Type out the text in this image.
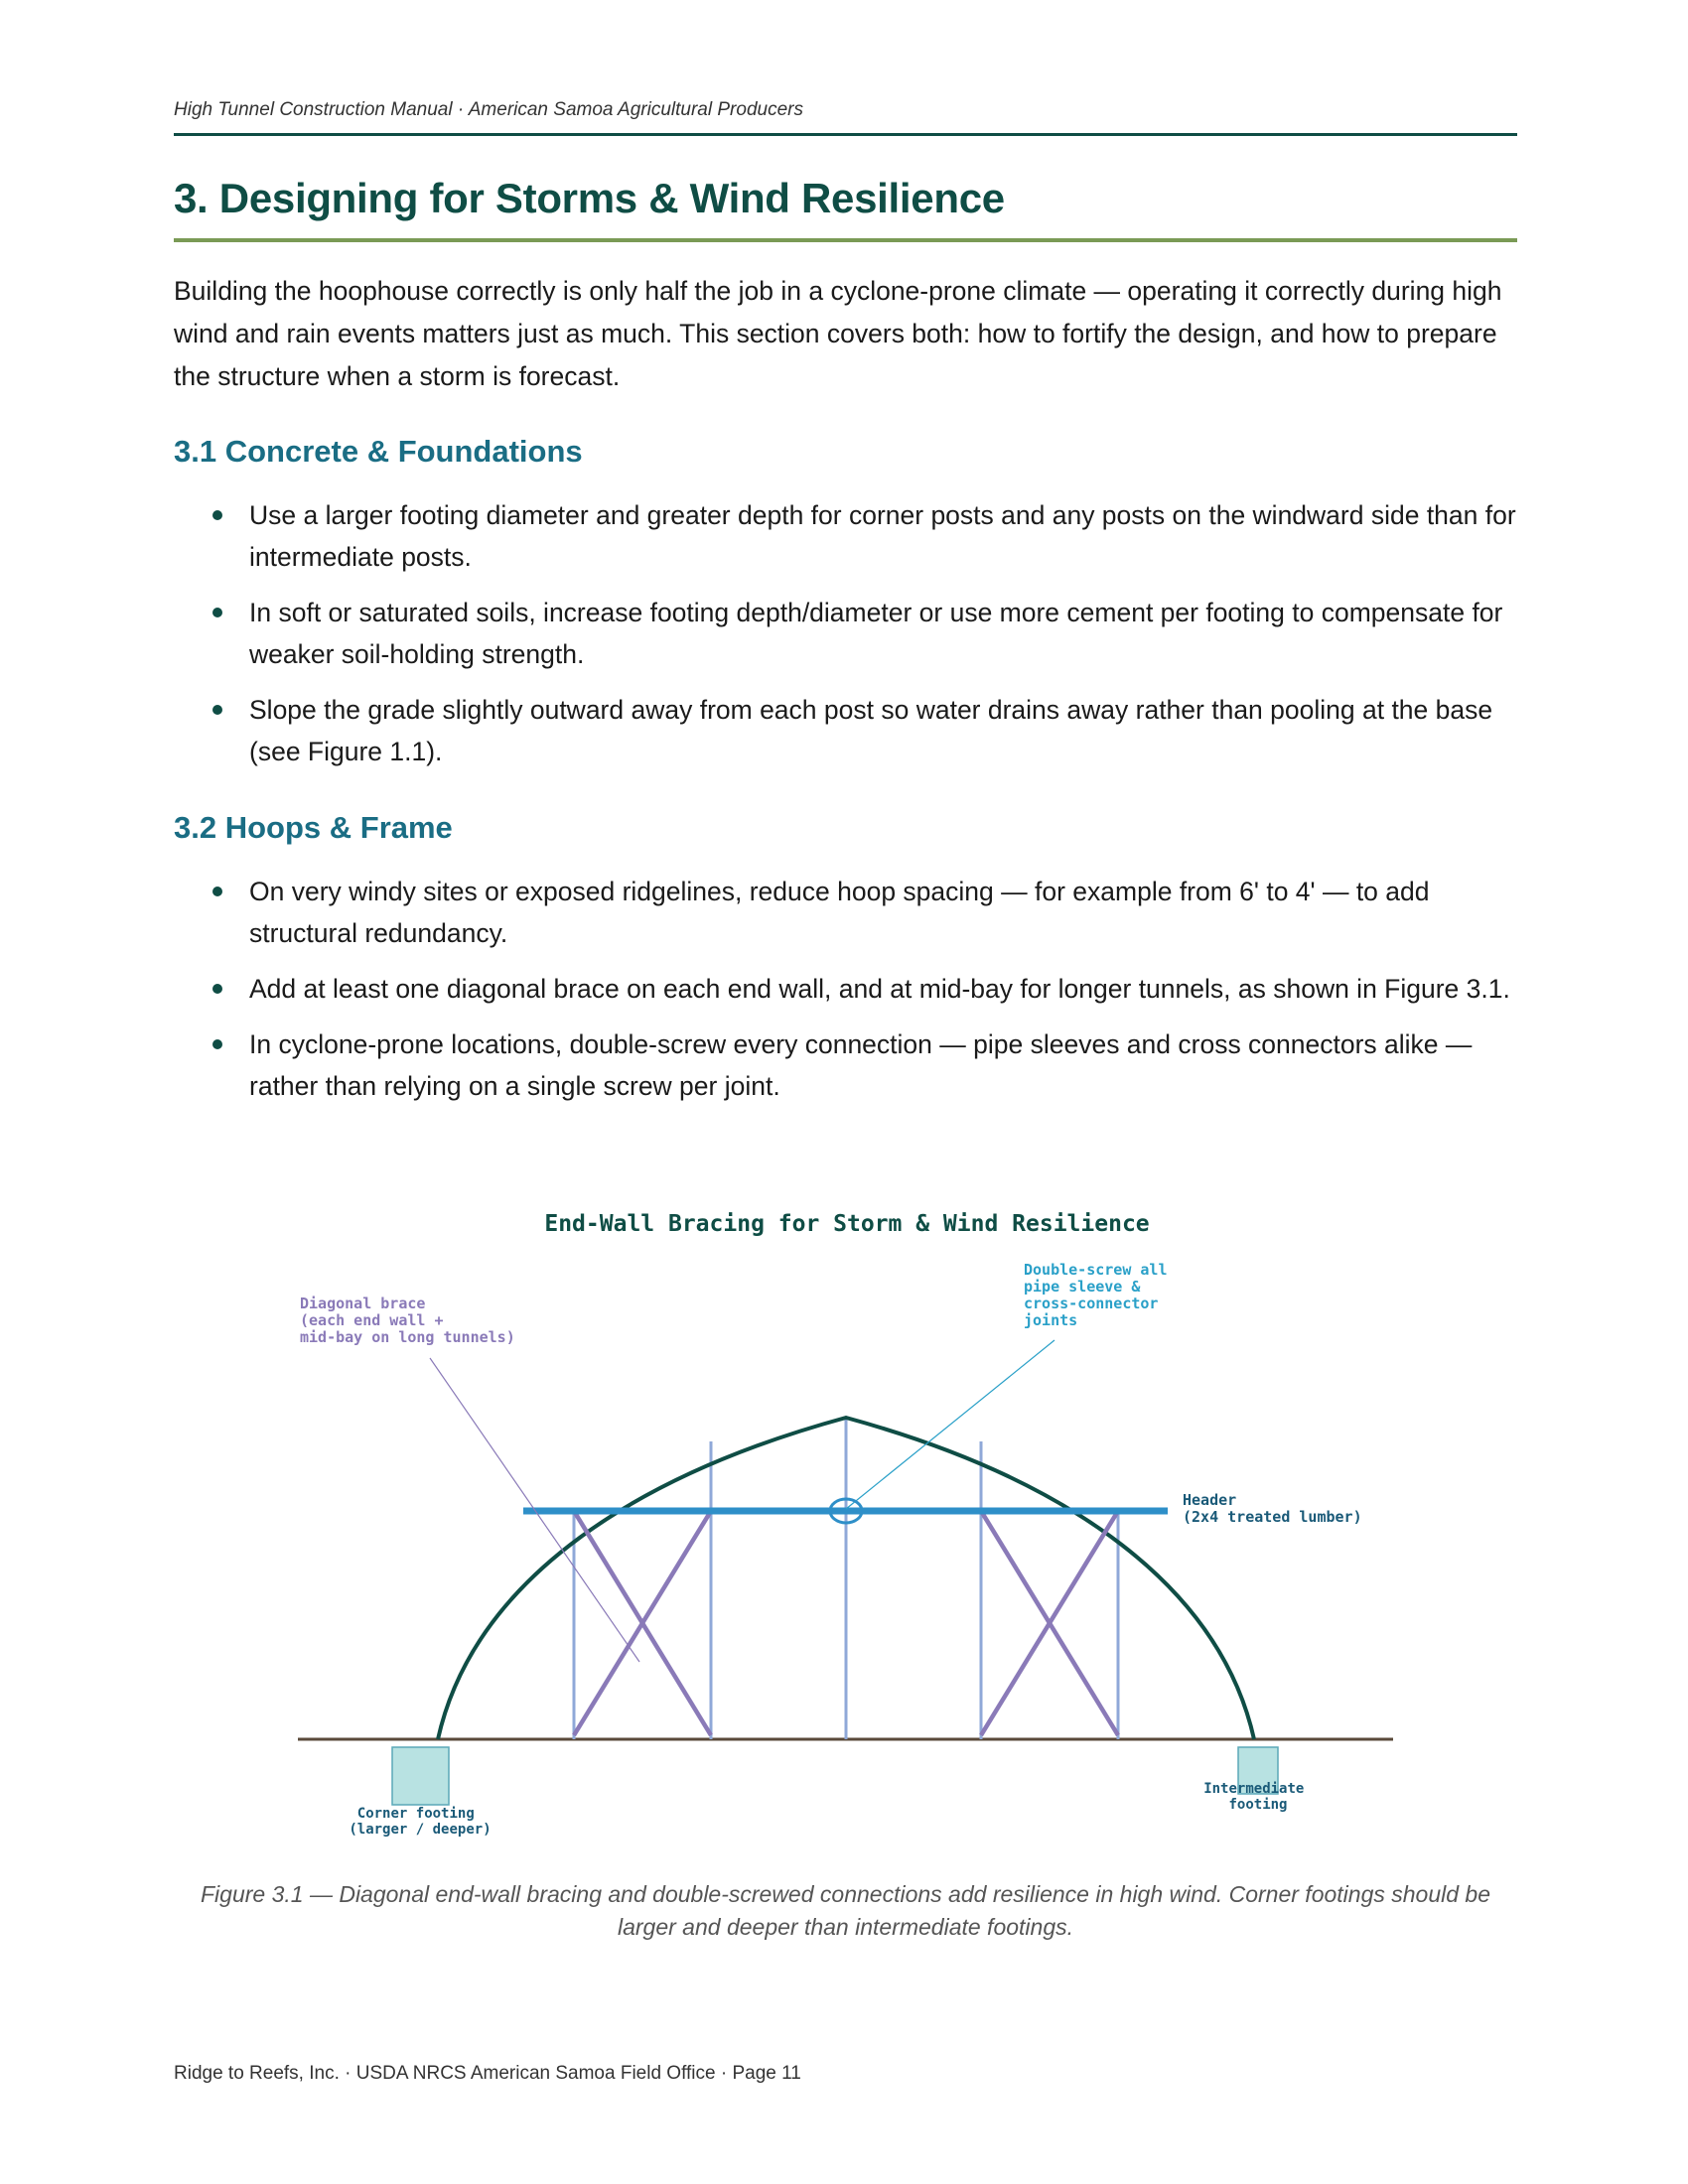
High Tunnel Construction Manual · American Samoa Agricultural Producers
3. Designing for Storms & Wind Resilience

Building the hoophouse correctly is only half the job in a cyclone-prone climate — operating it correctly during high wind and rain events matters just as much. This section covers both: how to fortify the design, and how to prepare the structure when a storm is forecast.

3.1 Concrete & Foundations
Use a larger footing diameter and greater depth for corner posts and any posts on the windward side than for intermediate posts.
In soft or saturated soils, increase footing depth/diameter or use more cement per footing to compensate for weaker soil-holding strength.
Slope the grade slightly outward away from each post so water drains away rather than pooling at the base (see Figure 1.1).
3.2 Hoops & Frame
On very windy sites or exposed ridgelines, reduce hoop spacing — for example from 6' to 4' — to add structural redundancy.
Add at least one diagonal brace on each end wall, and at mid-bay for longer tunnels, as shown in Figure 3.1.
In cyclone-prone locations, double-screw every connection — pipe sleeves and cross connectors alike — rather than relying on a single screw per joint.
End-Wall Bracing for Storm & Wind Resilience
Diagonal brace (each end wall + mid-bay on long tunnels)
Double-screw all pipe sleeve & cross-connector joints
Header (2x4 treated lumber)
Corner footing (larger / deeper)
Intermediate footing

Figure 3.1 — Diagonal end-wall bracing and double-screwed connections add resilience in high wind. Corner footings should be larger and deeper than intermediate footings.

Ridge to Reefs, Inc. · USDA NRCS American Samoa Field Office · Page 11
